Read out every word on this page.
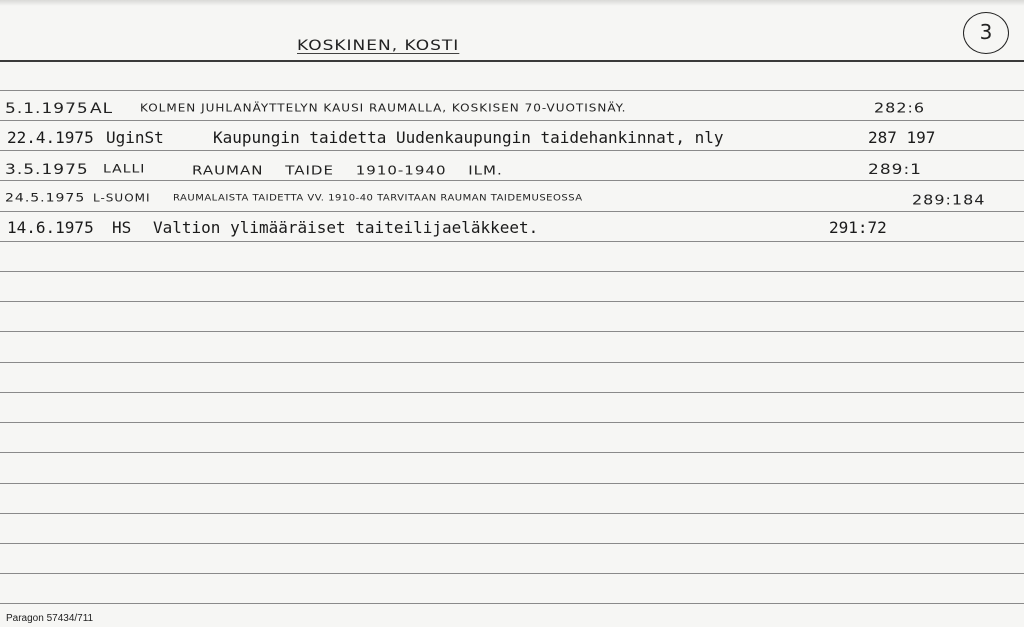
KOSKINEN, KOSTI
3
5.1.1975 AL KOLMEN JUHLANÄYTTELYN KAUSI RAUMALLA, KOSKISEN 70-VUOTISNÄY.	282:6
22.4.1975 UginSt	Kaupungin taidetta Uudenkaupungin taidehankinnat, nly	287 197
3.5.1975 LALLI	RAUMAN TAIDE 1910-1940 ILM.	289:1
24.5.1975 L-SUOMI RAUMALAISTA TAIDETTA VV. 1910-40 TARVITAAN RAUMAN TAIDEMUSEOSSA	289:184
14.6.1975 HS Valtion ylimääräiset taiteilijaeläkkeet.	291:72
Paragon 57434/711
